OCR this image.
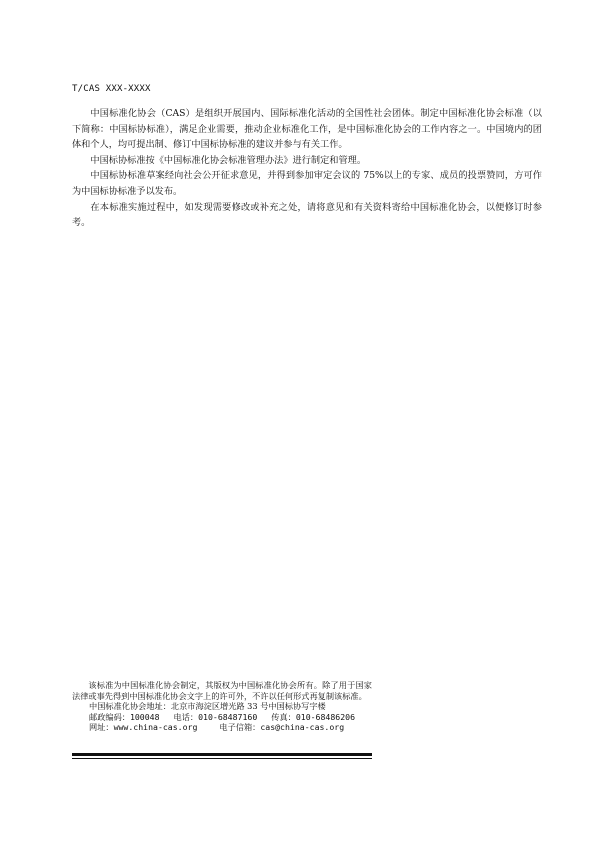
T/CAS XXX-XXXX

中国标准化协会（CAS）是组织开展国内、国际标准化活动的全国性社会团体。制定中国标准化协会标准（以下简称：中国标协标准），满足企业需要，推动企业标准化工作，是中国标准化协会的工作内容之一。中国境内的团体和个人，均可提出制、修订中国标协标准的建议并参与有关工作。

中国标协标准按《中国标准化协会标准管理办法》进行制定和管理。

中国标协标准草案经向社会公开征求意见，并得到参加审定会议的 75%以上的专家、成员的投票赞同，方可作为中国标协标准予以发布。

在本标准实施过程中，如发现需要修改或补充之处，请将意见和有关资料寄给中国标准化协会，以便修订时参考。

该标准为中国标准化协会制定，其版权为中国标准化协会所有。除了用于国家法律或事先得到中国标准化协会文字上的许可外，不许以任何形式再复制该标准。
中国标准化协会地址：北京市海淀区增光路 33 号中国标协写字楼
邮政编码：100048 电话：010-68487160 传真：010-68486206
网址：www.china-cas.org	电子信箱：cas@china-cas.org
